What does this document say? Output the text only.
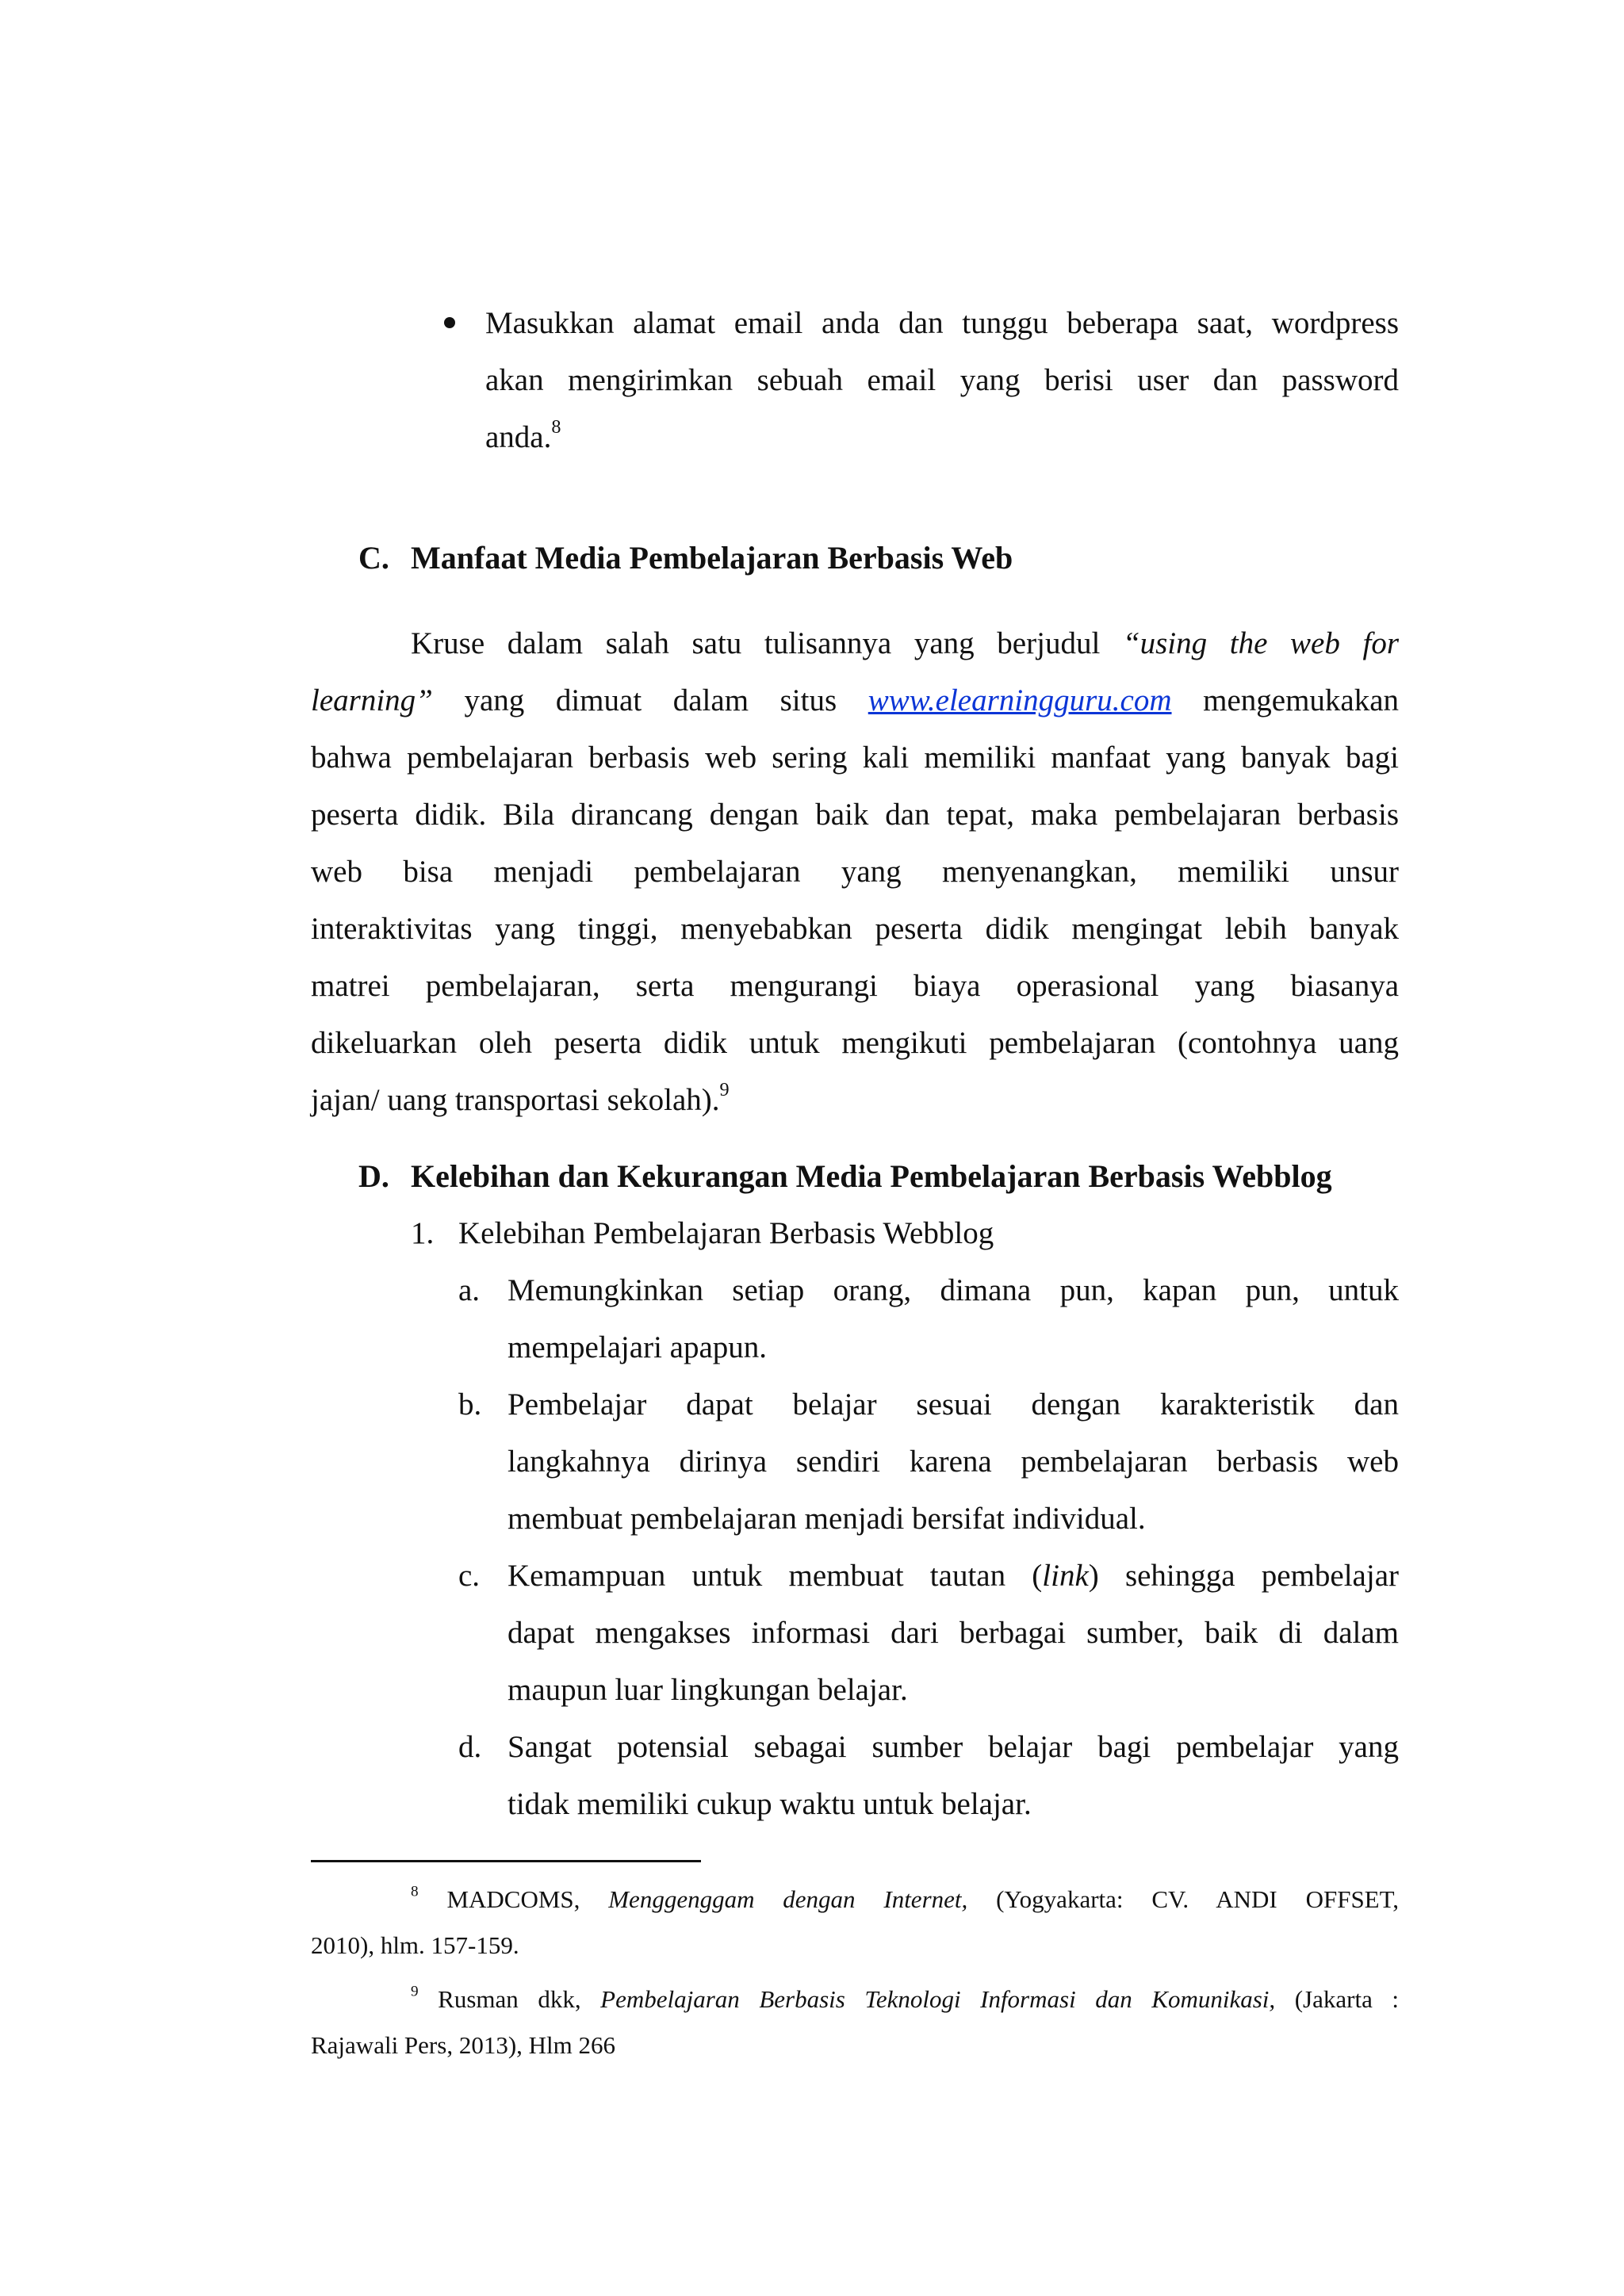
Masukkan alamat email anda dan tunggu beberapa saat, wordpress
akan mengirimkan sebuah email yang berisi user dan password
anda.$^8$
C. Manfaat Media Pembelajaran Berbasis Web
Kruse dalam salah satu tulisannya yang berjudul “using the web for
learning” yang dimuat dalam situs www.elearningguru.com mengemukakan
bahwa pembelajaran berbasis web sering kali memiliki manfaat yang banyak bagi
peserta didik. Bila dirancang dengan baik dan tepat, maka pembelajaran berbasis
web bisa menjadi pembelajaran yang menyenangkan, memiliki unsur
interaktivitas yang tinggi, menyebabkan peserta didik mengingat lebih banyak
matrei pembelajaran, serta mengurangi biaya operasional yang biasanya
dikeluarkan oleh peserta didik untuk mengikuti pembelajaran (contohnya uang
jajan/ uang transportasi sekolah).$^9$
D. Kelebihan dan Kekurangan Media Pembelajaran Berbasis Webblog
1. Kelebihan Pembelajaran Berbasis Webblog
a. Memungkinkan setiap orang, dimana pun, kapan pun, untuk
mempelajari apapun.
b. Pembelajar dapat belajar sesuai dengan karakteristik dan
langkahnya dirinya sendiri karena pembelajaran berbasis web
membuat pembelajaran menjadi bersifat individual.
c. Kemampuan untuk membuat tautan (link) sehingga pembelajar
dapat mengakses informasi dari berbagai sumber, baik di dalam
maupun luar lingkungan belajar.
d. Sangat potensial sebagai sumber belajar bagi pembelajar yang
tidak memiliki cukup waktu untuk belajar.
$^8$ MADCOMS, Menggenggam dengan Internet, (Yogyakarta: CV. ANDI OFFSET,
2010), hlm. 157-159.
$^9$ Rusman dkk, Pembelajaran Berbasis Teknologi Informasi dan Komunikasi, (Jakarta :
Rajawali Pers, 2013), Hlm 266
